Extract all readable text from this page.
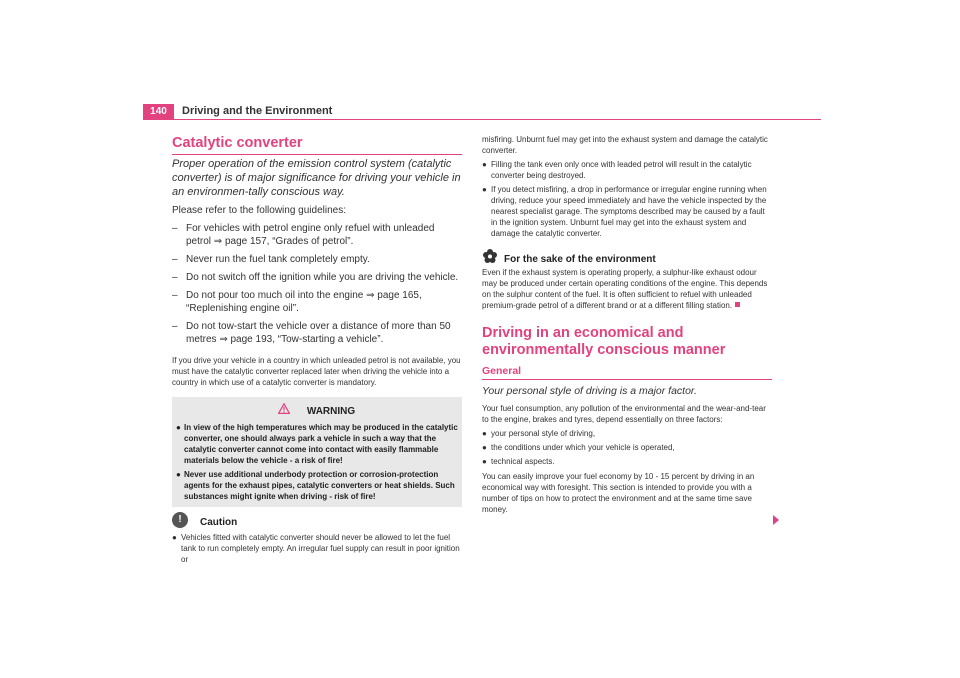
140	Driving and the Environment
Catalytic converter
Proper operation of the emission control system (catalytic converter) is of major significance for driving your vehicle in an environmen-tally conscious way.
Please refer to the following guidelines:
– For vehicles with petrol engine only refuel with unleaded petrol ⇒ page 157, “Grades of petrol”.
– Never run the fuel tank completely empty.
– Do not switch off the ignition while you are driving the vehicle.
– Do not pour too much oil into the engine ⇒ page 165, “Replenishing engine oil”.
– Do not tow-start the vehicle over a distance of more than 50 metres ⇒ page 193, “Tow-starting a vehicle”.
If you drive your vehicle in a country in which unleaded petrol is not available, you must have the catalytic converter replaced later when driving the vehicle into a country in which use of a catalytic converter is mandatory.
WARNING
● In view of the high temperatures which may be produced in the catalytic converter, one should always park a vehicle in such a way that the catalytic converter cannot come into contact with easily flammable materials below the vehicle - a risk of fire!
● Never use additional underbody protection or corrosion-protection agents for the exhaust pipes, catalytic converters or heat shields. Such substances might ignite when driving - risk of fire!
!	Caution
● Vehicles fitted with catalytic converter should never be allowed to let the fuel tank to run completely empty. An irregular fuel supply can result in poor ignition or
misfiring. Unburnt fuel may get into the exhaust system and damage the catalytic converter.
● Filling the tank even only once with leaded petrol will result in the catalytic converter being destroyed.
● If you detect misfiring, a drop in performance or irregular engine running when driving, reduce your speed immediately and have the vehicle inspected by the nearest specialist garage. The symptoms described may be caused by a fault in the ignition system. Unburnt fuel may get into the exhaust system and damage the catalytic converter.
For the sake of the environment
Even if the exhaust system is operating properly, a sulphur-like exhaust odour may be produced under certain operating conditions of the engine. This depends on the sulphur content of the fuel. It is often sufficient to refuel with unleaded premium-grade petrol of a different brand or at a different filling station.
Driving in an economical and environmentally conscious manner
General
Your personal style of driving is a major factor.
Your fuel consumption, any pollution of the environmental and the wear-and-tear to the engine, brakes and tyres, depend essentially on three factors:
● your personal style of driving,
● the conditions under which your vehicle is operated,
● technical aspects.
You can easily improve your fuel economy by 10 - 15 percent by driving in an economical way with foresight. This section is intended to provide you with a number of tips on how to protect the environment and at the same time save money.
